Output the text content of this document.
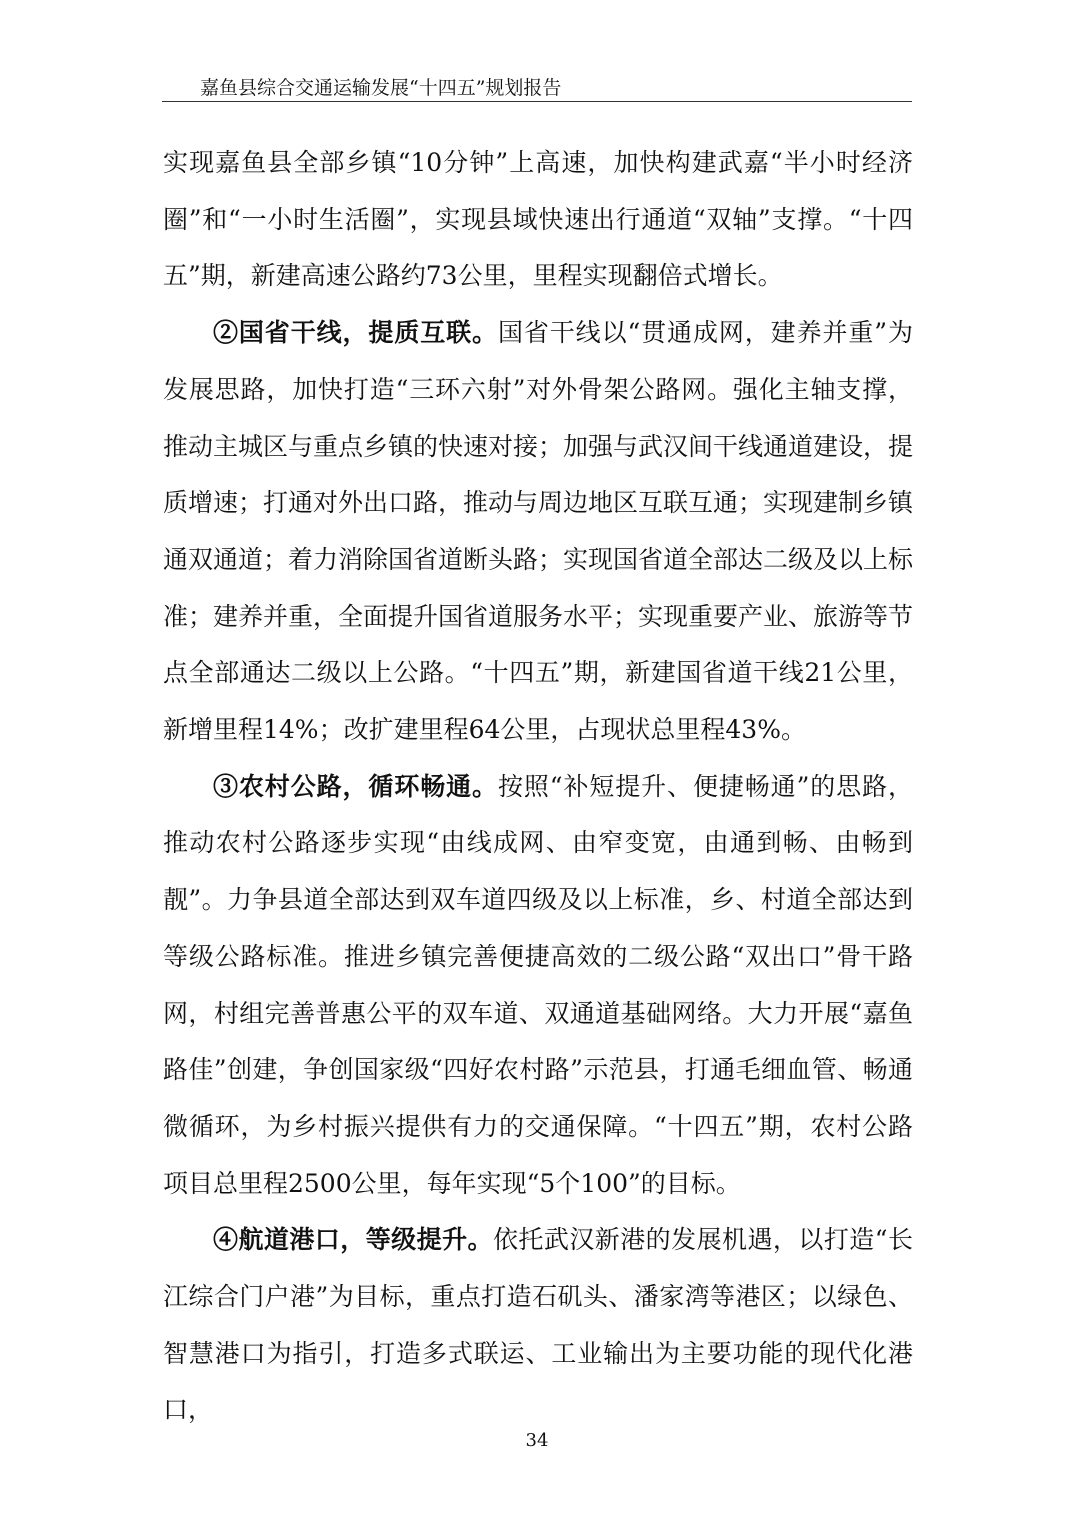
嘉鱼县综合交通运输发展“十四五”规划报告

实现嘉鱼县全部乡镇“10分钟”上高速，加快构建武嘉“半小时经济圈”和“一小时生活圈”，实现县域快速出行通道“双轴”支撑。“十四五”期，新建高速公路约73公里，里程实现翻倍式增长。

②国省干线，提质互联。国省干线以“贯通成网，建养并重”为发展思路，加快打造“三环六射”对外骨架公路网。强化主轴支撑，推动主城区与重点乡镇的快速对接；加强与武汉间干线通道建设，提质增速；打通对外出口路，推动与周边地区互联互通；实现建制乡镇通双通道；着力消除国省道断头路；实现国省道全部达二级及以上标准；建养并重，全面提升国省道服务水平；实现重要产业、旅游等节点全部通达二级以上公路。“十四五”期，新建国省道干线21公里，新增里程14%；改扩建里程64公里，占现状总里程43%。

③农村公路，循环畅通。按照“补短提升、便捷畅通”的思路，推动农村公路逐步实现“由线成网、由窄变宽，由通到畅、由畅到靓”。力争县道全部达到双车道四级及以上标准，乡、村道全部达到等级公路标准。推进乡镇完善便捷高效的二级公路“双出口”骨干路网，村组完善普惠公平的双车道、双通道基础网络。大力开展“嘉鱼路佳”创建，争创国家级“四好农村路”示范县，打通毛细血管、畅通微循环，为乡村振兴提供有力的交通保障。“十四五”期，农村公路项目总里程2500公里，每年实现“5个100”的目标。

④航道港口，等级提升。依托武汉新港的发展机遇，以打造“长江综合门户港”为目标，重点打造石矶头、潘家湾等港区；以绿色、智慧港口为指引，打造多式联运、工业输出为主要功能的现代化港口，

34
